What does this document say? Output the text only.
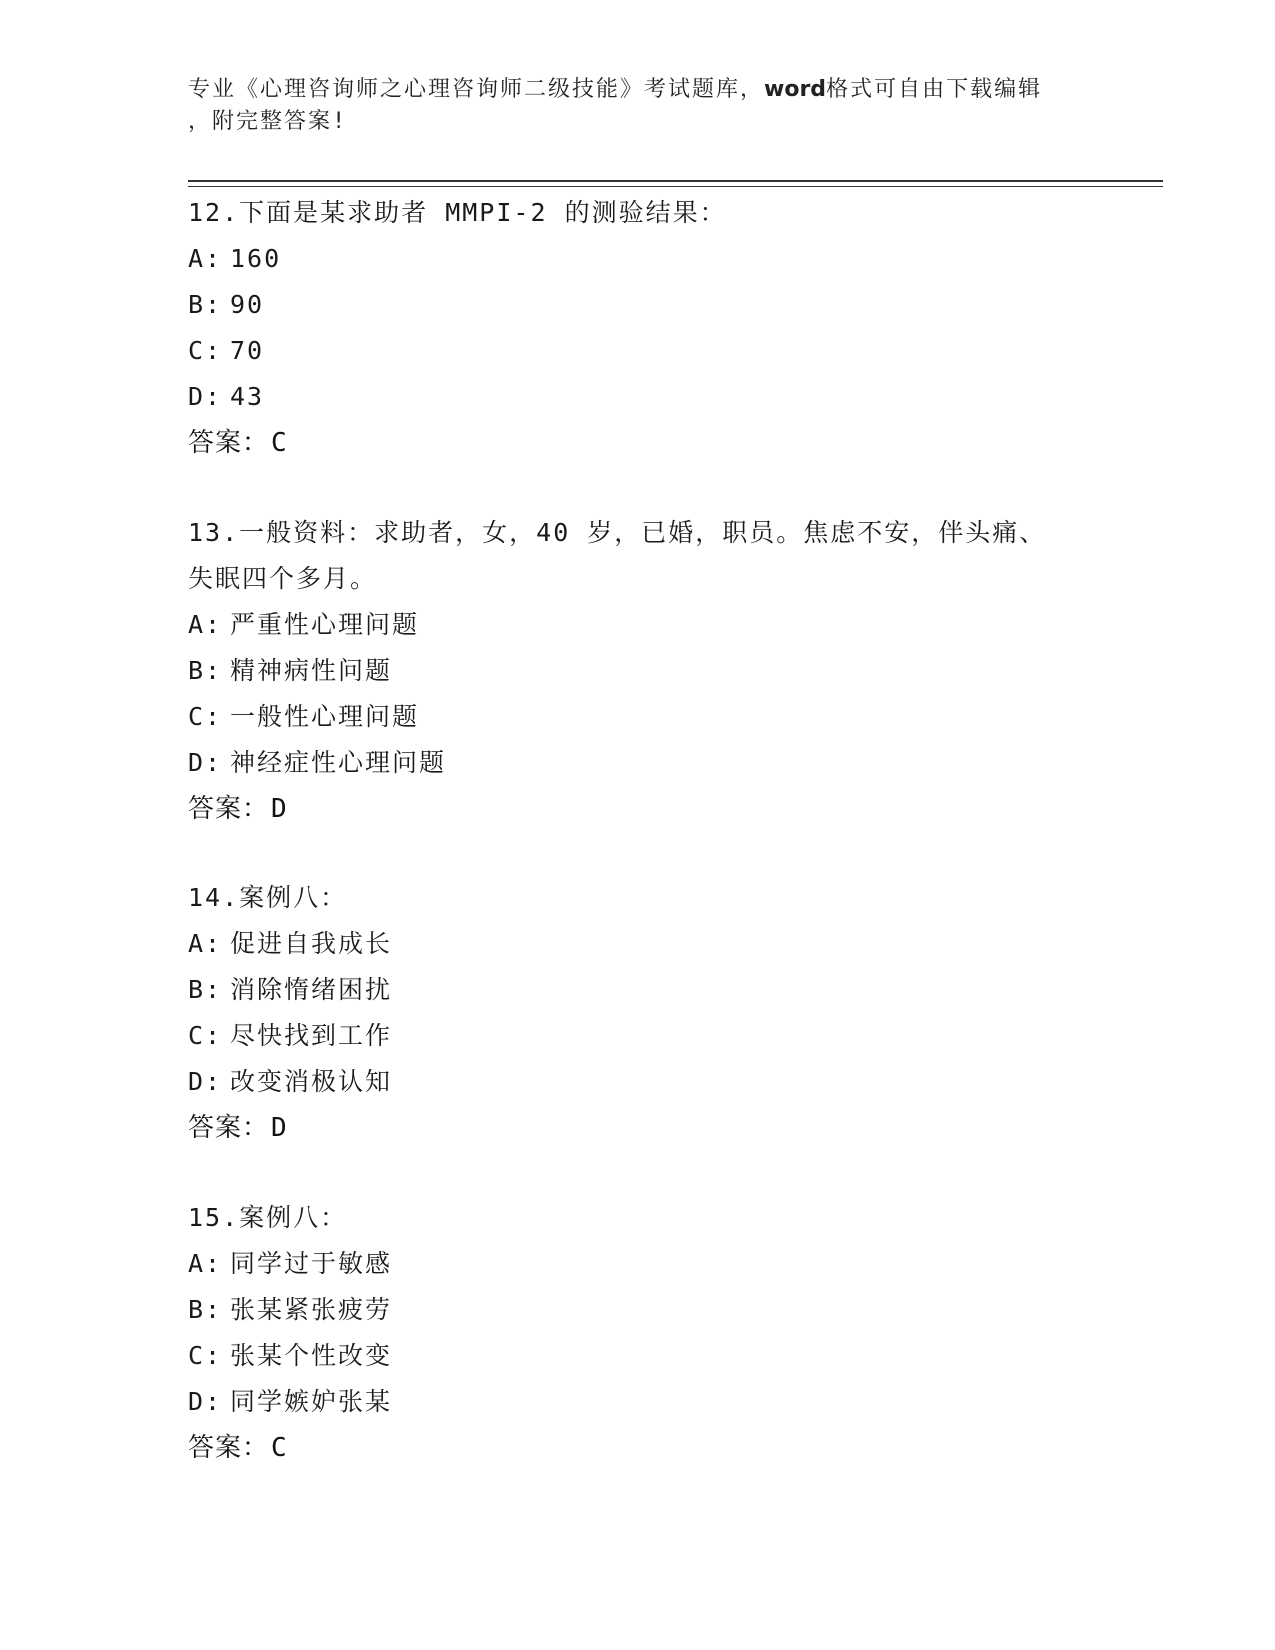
专业《心理咨询师之心理咨询师二级技能》考试题库，word格式可自由下载编辑
，附完整答案!
12.下面是某求助者 MMPI-2 的测验结果：
A: 160
B: 90
C: 70
D: 43
答案：C
13.一般资料：求助者，女，40 岁，已婚，职员。焦虑不安，伴头痛、
失眠四个多月。
A: 严重性心理问题
B: 精神病性问题
C: 一般性心理问题
D: 神经症性心理问题
答案：D
14.案例八：
A: 促进自我成长
B: 消除惰绪困扰
C: 尽快找到工作
D: 改变消极认知
答案：D
15.案例八：
A: 同学过于敏感
B: 张某紧张疲劳
C: 张某个性改变
D: 同学嫉妒张某
答案：C
